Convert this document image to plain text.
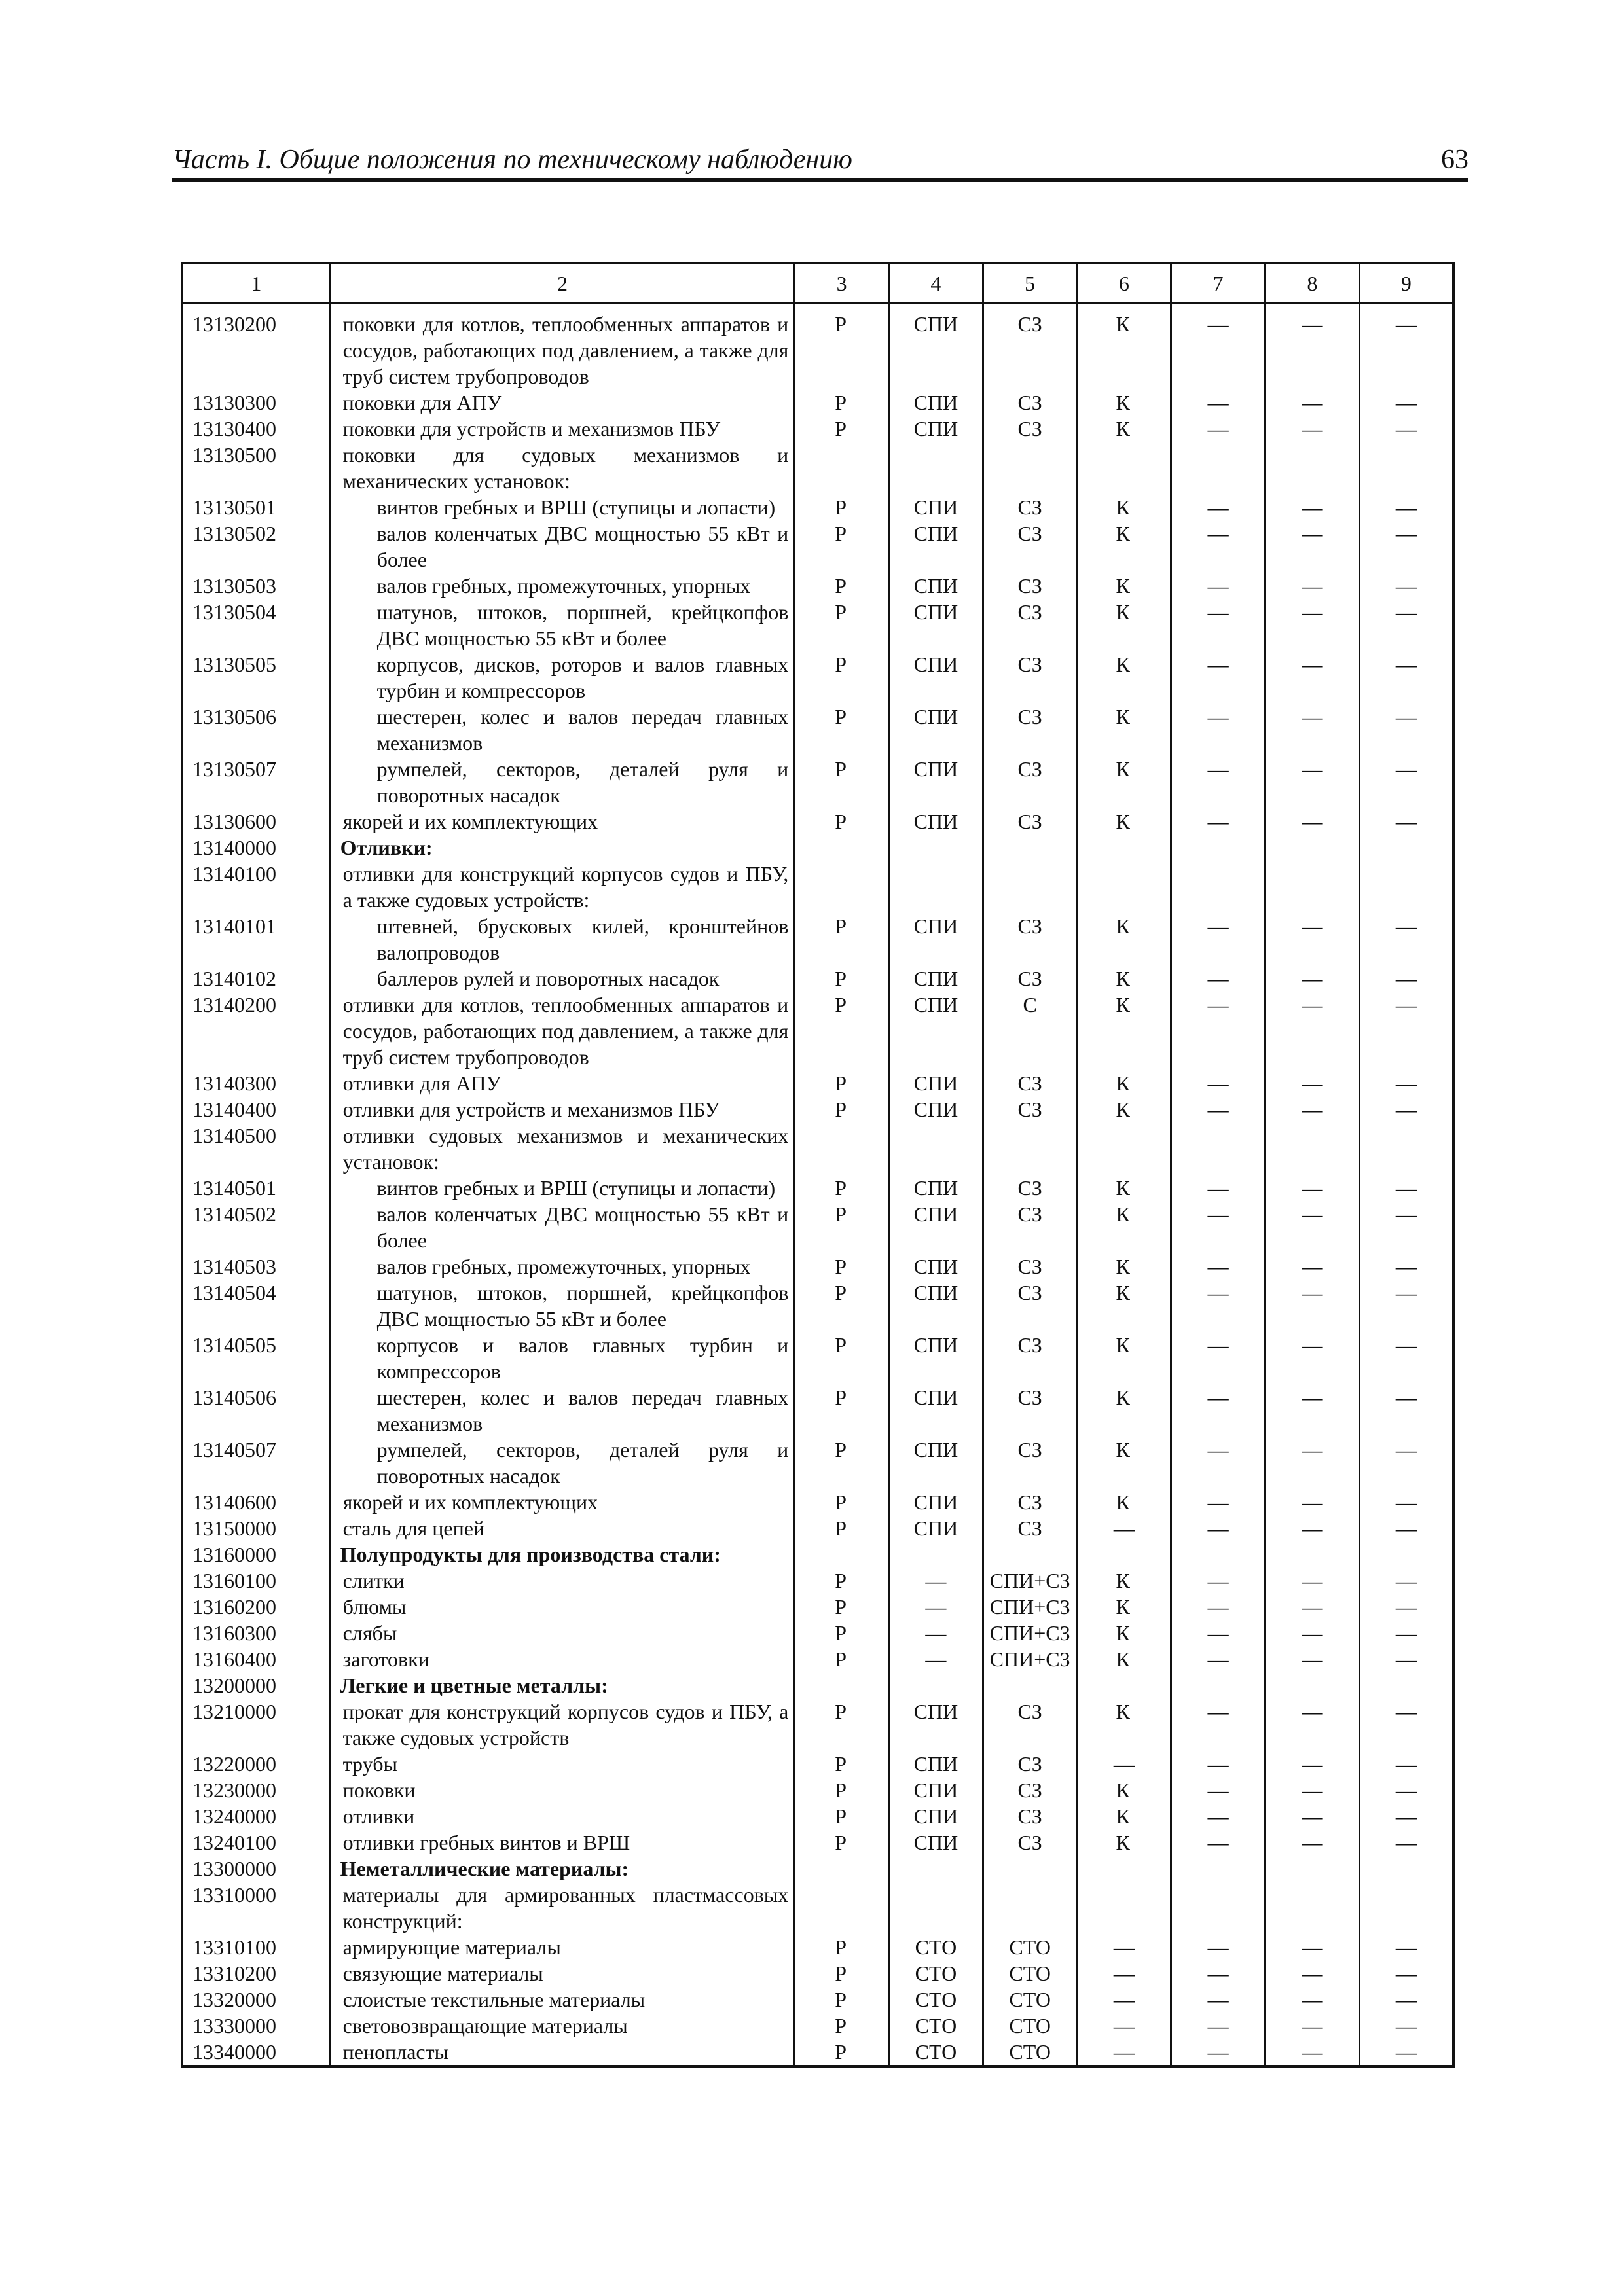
Часть I. Общие положения по техническому наблюдению	63
1	2	3	4	5	6	7	8	9
13130200	поковки для котлов, теплообменных аппаратов и сосудов, работающих под давлением, а также для труб систем трубопроводов	Р	СПИ	СЗ	К	—	—	—
13130300	поковки для АПУ	Р	СПИ	СЗ	К	—	—	—
13130400	поковки для устройств и механизмов ПБУ	Р	СПИ	СЗ	К	—	—	—
13130500	поковки для судовых механизмов и механических установок:							
13130501	винтов гребных и ВРШ (ступицы и лопасти)	Р	СПИ	СЗ	К	—	—	—
13130502	валов коленчатых ДВС мощностью 55 кВт и более	Р	СПИ	СЗ	К	—	—	—
13130503	валов гребных, промежуточных, упорных	Р	СПИ	СЗ	К	—	—	—
13130504	шатунов, штоков, поршней, крейцкопфов ДВС мощностью 55 кВт и более	Р	СПИ	СЗ	К	—	—	—
13130505	корпусов, дисков, роторов и валов главных турбин и компрессоров	Р	СПИ	СЗ	К	—	—	—
13130506	шестерен, колес и валов передач главных механизмов	Р	СПИ	СЗ	К	—	—	—
13130507	румпелей, секторов, деталей руля и поворотных насадок	Р	СПИ	СЗ	К	—	—	—
13130600	якорей и их комплектующих	Р	СПИ	СЗ	К	—	—	—
13140000	Отливки:							
13140100	отливки для конструкций корпусов судов и ПБУ, а также судовых устройств:							
13140101	штевней, брусковых килей, кронштейнов валопроводов	Р	СПИ	СЗ	К	—	—	—
13140102	баллеров рулей и поворотных насадок	Р	СПИ	СЗ	К	—	—	—
13140200	отливки для котлов, теплообменных аппаратов и сосудов, работающих под давлением, а также для труб систем трубопроводов	Р	СПИ	С	К	—	—	—
13140300	отливки для АПУ	Р	СПИ	СЗ	К	—	—	—
13140400	отливки для устройств и механизмов ПБУ	Р	СПИ	СЗ	К	—	—	—
13140500	отливки судовых механизмов и механических установок:							
13140501	винтов гребных и ВРШ (ступицы и лопасти)	Р	СПИ	СЗ	К	—	—	—
13140502	валов коленчатых ДВС мощностью 55 кВт и более	Р	СПИ	СЗ	К	—	—	—
13140503	валов гребных, промежуточных, упорных	Р	СПИ	СЗ	К	—	—	—
13140504	шатунов, штоков, поршней, крейцкопфов ДВС мощностью 55 кВт и более	Р	СПИ	СЗ	К	—	—	—
13140505	корпусов и валов главных турбин и компрессоров	Р	СПИ	СЗ	К	—	—	—
13140506	шестерен, колес и валов передач главных механизмов	Р	СПИ	СЗ	К	—	—	—
13140507	румпелей, секторов, деталей руля и поворотных насадок	Р	СПИ	СЗ	К	—	—	—
13140600	якорей и их комплектующих	Р	СПИ	СЗ	К	—	—	—
13150000	сталь для цепей	Р	СПИ	СЗ	—	—	—	—
13160000	Полупродукты для производства стали:							
13160100	слитки	Р	—	СПИ+СЗ	К	—	—	—
13160200	блюмы	Р	—	СПИ+СЗ	К	—	—	—
13160300	слябы	Р	—	СПИ+СЗ	К	—	—	—
13160400	заготовки	Р	—	СПИ+СЗ	К	—	—	—
13200000	Легкие и цветные металлы:							
13210000	прокат для конструкций корпусов судов и ПБУ, а также судовых устройств	Р	СПИ	СЗ	К	—	—	—
13220000	трубы	Р	СПИ	СЗ	—	—	—	—
13230000	поковки	Р	СПИ	СЗ	К	—	—	—
13240000	отливки	Р	СПИ	СЗ	К	—	—	—
13240100	отливки гребных винтов и ВРШ	Р	СПИ	СЗ	К	—	—	—
13300000	Неметаллические материалы:							
13310000	материалы для армированных пластмассовых конструкций:							
13310100	армирующие материалы	Р	СТО	СТО	—	—	—	—
13310200	связующие материалы	Р	СТО	СТО	—	—	—	—
13320000	слоистые текстильные материалы	Р	СТО	СТО	—	—	—	—
13330000	световозвращающие материалы	Р	СТО	СТО	—	—	—	—
13340000	пенопласты	Р	СТО	СТО	—	—	—	—
